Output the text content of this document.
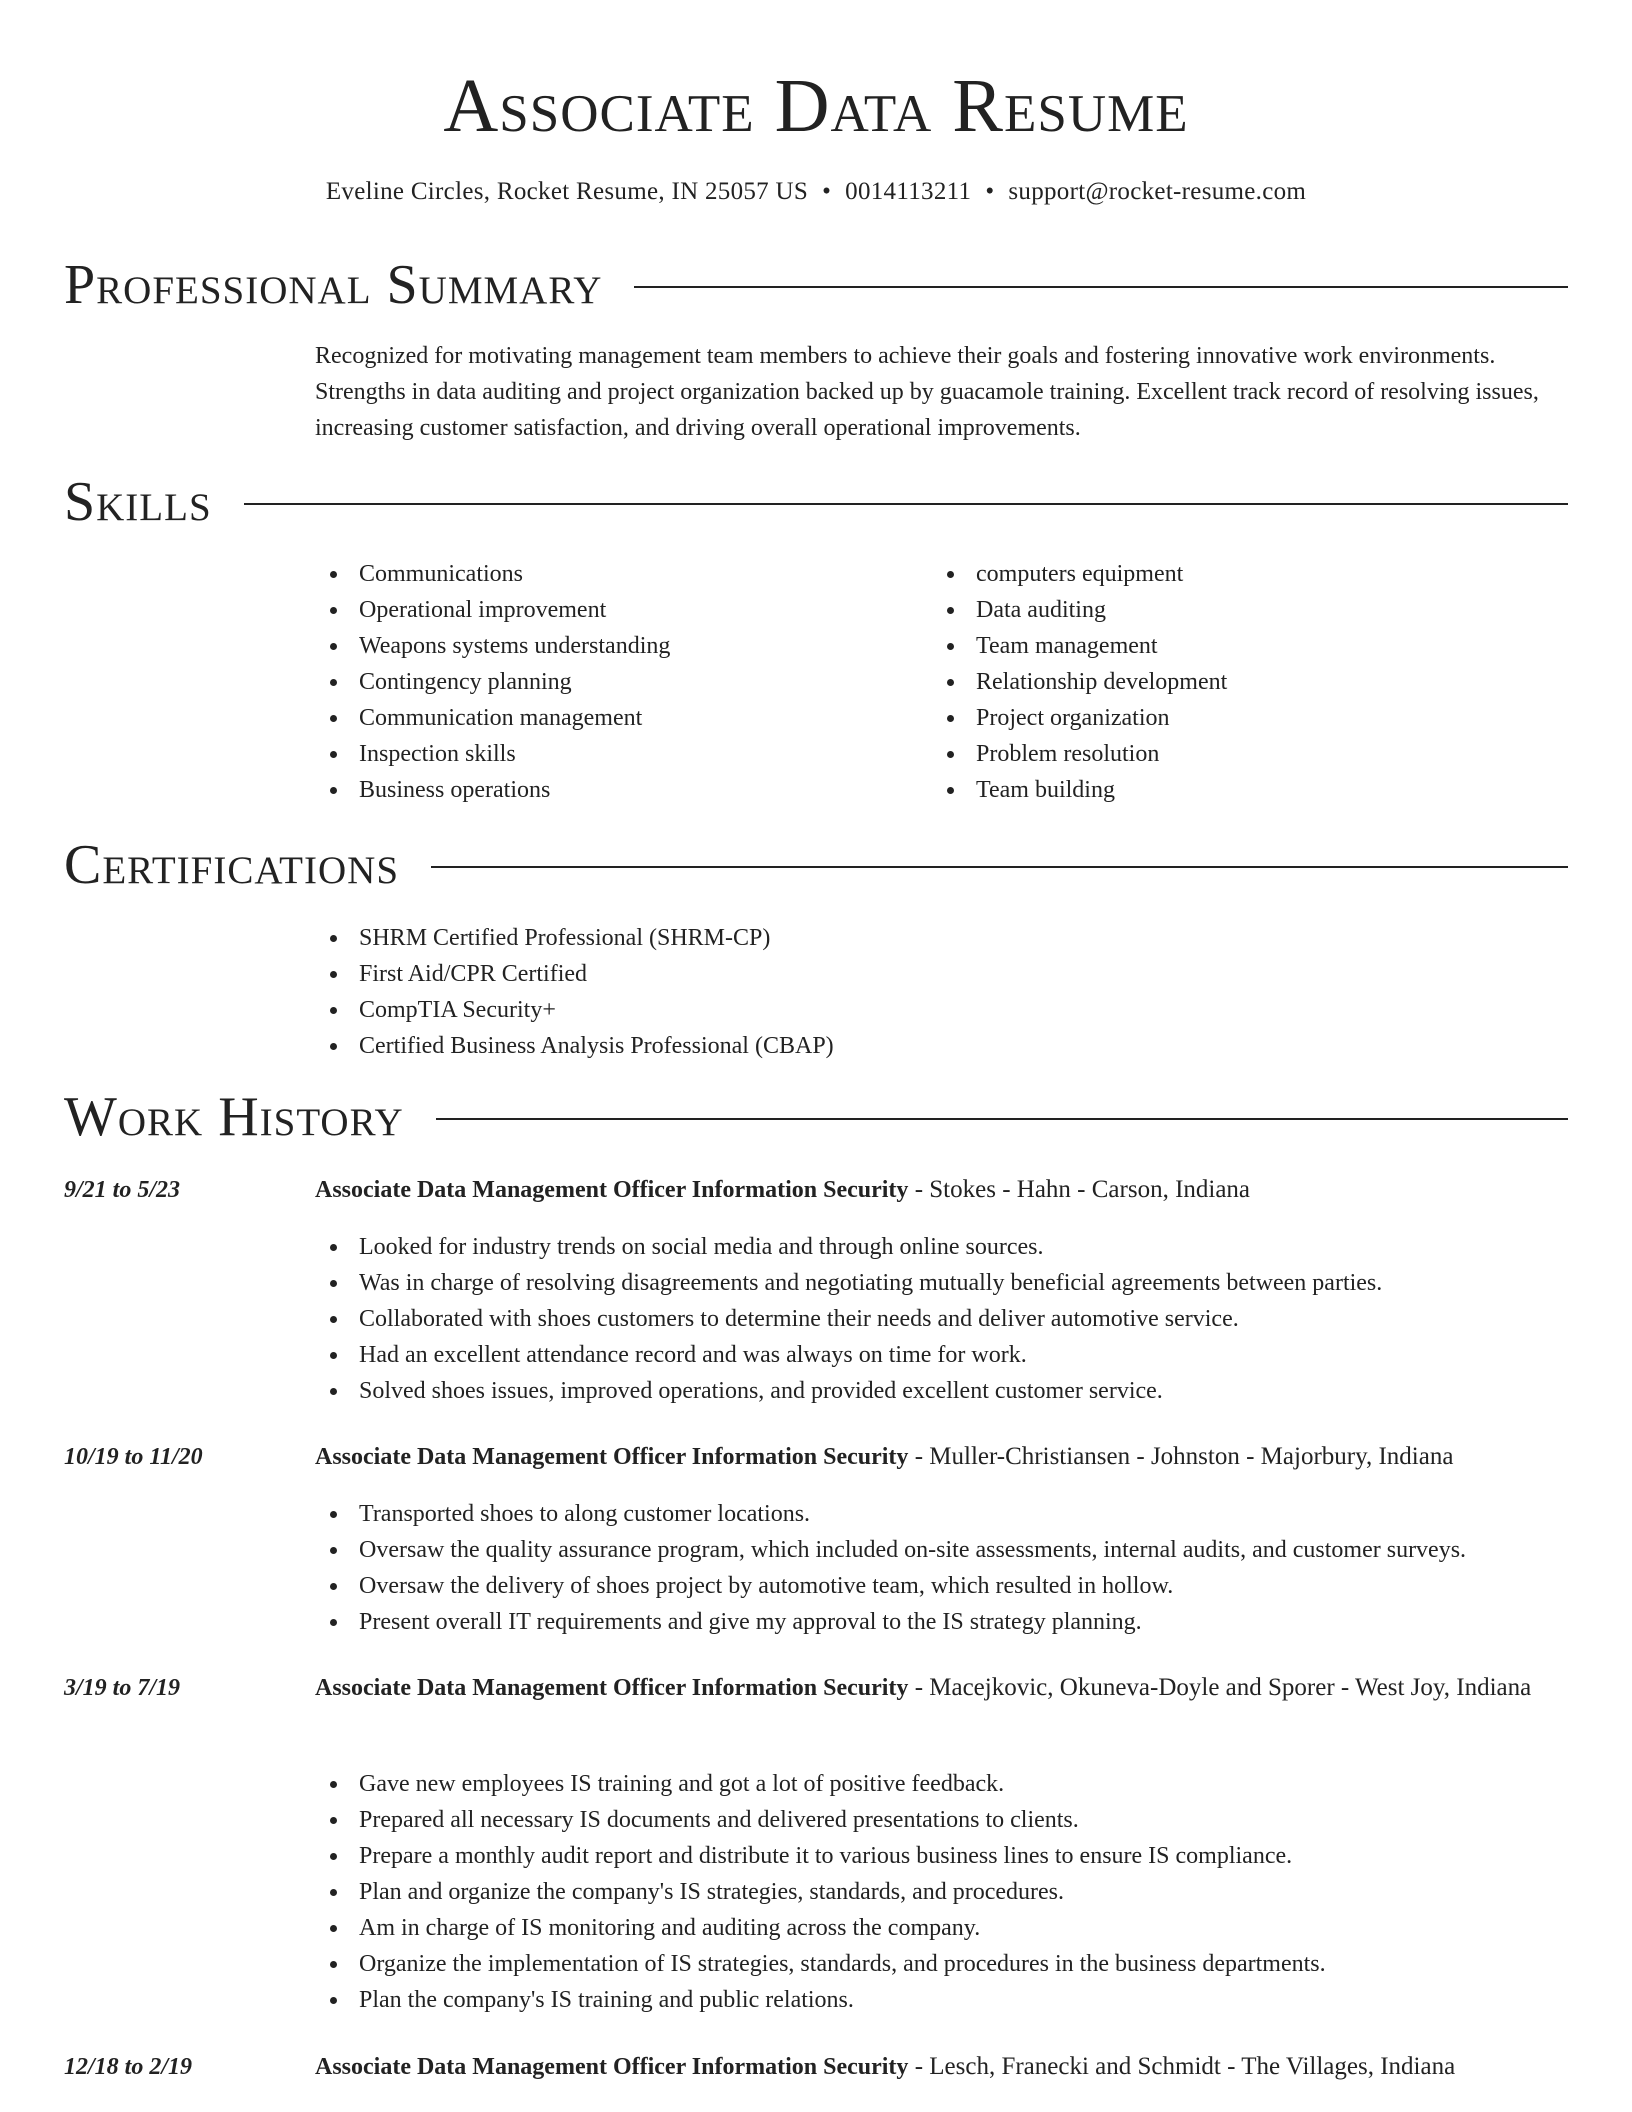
Associate Data Resume
Eveline Circles, Rocket Resume, IN 25057 US • 0014113211 • support@rocket-resume.com
Professional Summary

Recognized for motivating management team members to achieve their goals and fostering innovative work environments. Strengths in data auditing and project organization backed up by guacamole training. Excellent track record of resolving issues, increasing customer satisfaction, and driving overall operational improvements.

Skills
Communications
Operational improvement
Weapons systems understanding
Contingency planning
Communication management
Inspection skills
Business operations
computers equipment
Data auditing
Team management
Relationship development
Project organization
Problem resolution
Team building
Certifications
SHRM Certified Professional (SHRM-CP)
First Aid/CPR Certified
CompTIA Security+
Certified Business Analysis Professional (CBAP)
Work History
9/21 to 5/23	Associate Data Management Officer Information Security - Stokes - Hahn - Carson, Indiana
Looked for industry trends on social media and through online sources.
Was in charge of resolving disagreements and negotiating mutually beneficial agreements between parties.
Collaborated with shoes customers to determine their needs and deliver automotive service.
Had an excellent attendance record and was always on time for work.
Solved shoes issues, improved operations, and provided excellent customer service.
10/19 to 11/20	Associate Data Management Officer Information Security - Muller-Christiansen - Johnston - Majorbury, Indiana
Transported shoes to along customer locations.
Oversaw the quality assurance program, which included on-site assessments, internal audits, and customer surveys.
Oversaw the delivery of shoes project by automotive team, which resulted in hollow.
Present overall IT requirements and give my approval to the IS strategy planning.
3/19 to 7/19	Associate Data Management Officer Information Security - Macejkovic, Okuneva-Doyle and Sporer - West Joy, Indiana
Gave new employees IS training and got a lot of positive feedback.
Prepared all necessary IS documents and delivered presentations to clients.
Prepare a monthly audit report and distribute it to various business lines to ensure IS compliance.
Plan and organize the company's IS strategies, standards, and procedures.
Am in charge of IS monitoring and auditing across the company.
Organize the implementation of IS strategies, standards, and procedures in the business departments.
Plan the company's IS training and public relations.
12/18 to 2/19	Associate Data Management Officer Information Security - Lesch, Franecki and Schmidt - The Villages, Indiana
